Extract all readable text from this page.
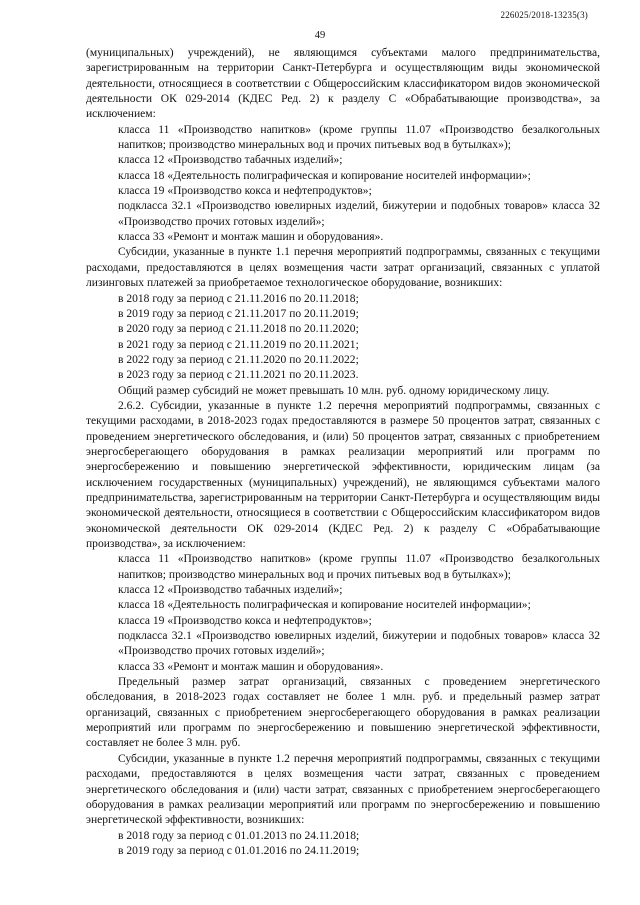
226025/2018-13235(3)
49

(муниципальных) учреждений), не являющимся субъектами малого предпринимательства, зарегистрированным на территории Санкт-Петербурга и осуществляющим виды экономической деятельности, относящиеся в соответствии с Общероссийским классификатором видов экономической деятельности ОК 029-2014 (КДЕС Ред. 2) к разделу С «Обрабатывающие производства», за исключением:

класса 11 «Производство напитков» (кроме группы 11.07 «Производство безалкогольных напитков; производство минеральных вод и прочих питьевых вод в бутылках»);

класса 12 «Производство табачных изделий»;

класса 18 «Деятельность полиграфическая и копирование носителей информации»;

класса 19 «Производство кокса и нефтепродуктов»;

подкласса 32.1 «Производство ювелирных изделий, бижутерии и подобных товаров» класса 32 «Производство прочих готовых изделий»;

класса 33 «Ремонт и монтаж машин и оборудования».

Субсидии, указанные в пункте 1.1 перечня мероприятий подпрограммы, связанных с текущими расходами, предоставляются в целях возмещения части затрат организаций, связанных с уплатой лизинговых платежей за приобретаемое технологическое оборудование, возникших:

в 2018 году за период с 21.11.2016 по 20.11.2018;

в 2019 году за период с 21.11.2017 по 20.11.2019;

в 2020 году за период с 21.11.2018 по 20.11.2020;

в 2021 году за период с 21.11.2019 по 20.11.2021;

в 2022 году за период с 21.11.2020 по 20.11.2022;

в 2023 году за период с 21.11.2021 по 20.11.2023.

Общий размер субсидий не может превышать 10 млн. руб. одному юридическому лицу.

2.6.2. Субсидии, указанные в пункте 1.2 перечня мероприятий подпрограммы, связанных с текущими расходами, в 2018-2023 годах предоставляются в размере 50 процентов затрат, связанных с проведением энергетического обследования, и (или) 50 процентов затрат, связанных с приобретением энергосберегающего оборудования в рамках реализации мероприятий или программ по энергосбережению и повышению энергетической эффективности, юридическим лицам (за исключением государственных (муниципальных) учреждений), не являющимся субъектами малого предпринимательства, зарегистрированным на территории Санкт-Петербурга и осуществляющим виды экономической деятельности, относящиеся в соответствии с Общероссийским классификатором видов экономической деятельности ОК 029-2014 (КДЕС Ред. 2) к разделу С «Обрабатывающие производства», за исключением:

класса 11 «Производство напитков» (кроме группы 11.07 «Производство безалкогольных напитков; производство минеральных вод и прочих питьевых вод в бутылках»);

класса 12 «Производство табачных изделий»;

класса 18 «Деятельность полиграфическая и копирование носителей информации»;

класса 19 «Производство кокса и нефтепродуктов»;

подкласса 32.1 «Производство ювелирных изделий, бижутерии и подобных товаров» класса 32 «Производство прочих готовых изделий»;

класса 33 «Ремонт и монтаж машин и оборудования».

Предельный размер затрат организаций, связанных с проведением энергетического обследования, в 2018-2023 годах составляет не более 1 млн. руб. и предельный размер затрат организаций, связанных с приобретением энергосберегающего оборудования в рамках реализации мероприятий или программ по энергосбережению и повышению энергетической эффективности, составляет не более 3 млн. руб.

Субсидии, указанные в пункте 1.2 перечня мероприятий подпрограммы, связанных с текущими расходами, предоставляются в целях возмещения части затрат, связанных с проведением энергетического обследования и (или) части затрат, связанных с приобретением энергосберегающего оборудования в рамках реализации мероприятий или программ по энергосбережению и повышению энергетической эффективности, возникших:

в 2018 году за период с 01.01.2013 по 24.11.2018;

в 2019 году за период с 01.01.2016 по 24.11.2019;
